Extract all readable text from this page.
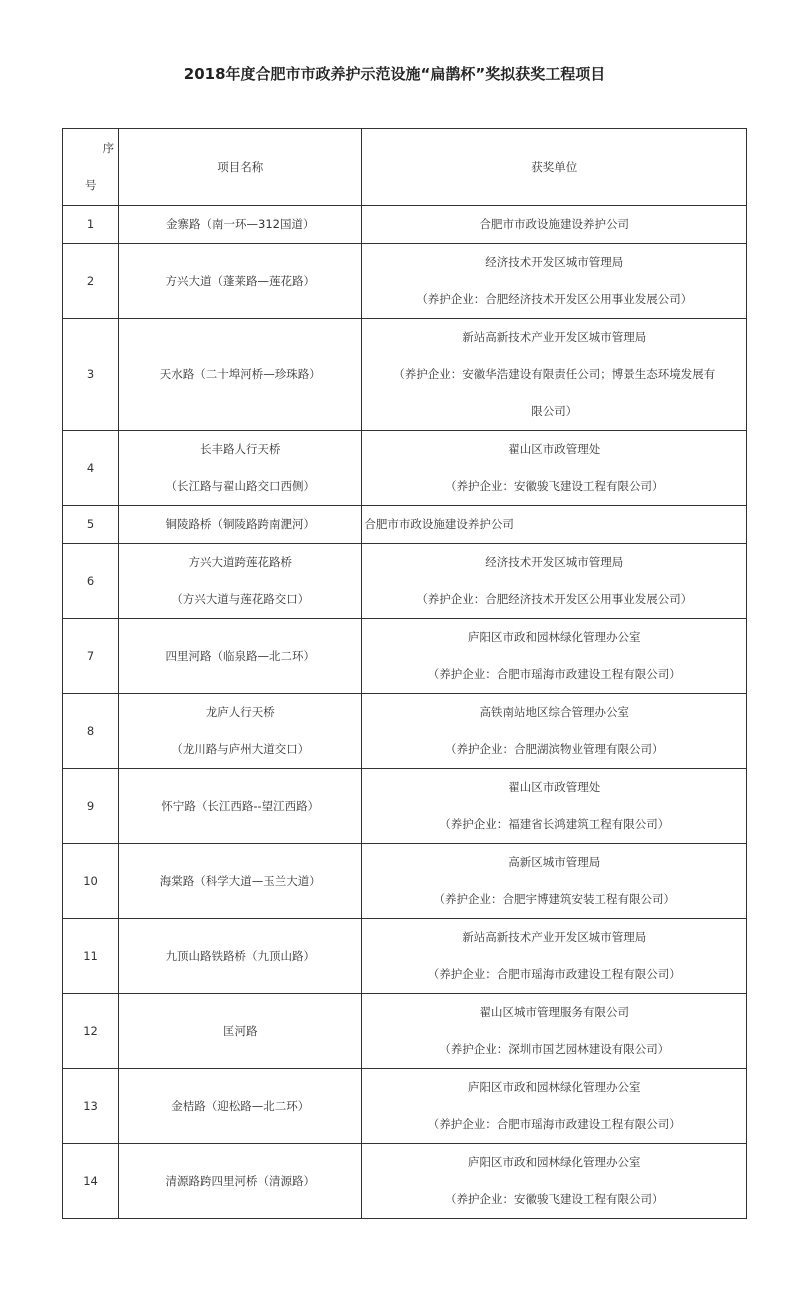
2018年度合肥市市政养护示范设施“扁鹊杯”奖拟获奖工程项目
序
号	项目名称	获奖单位
1	金寨路（南一环—312国道）	合肥市市政设施建设养护公司

2	方兴大道（蓬莱路—莲花路）	经济技术开发区城市管理局
（养护企业：合肥经济技术开发区公用事业发展公司）

3	天水路（二十埠河桥—珍珠路）	新站高新技术产业开发区城市管理局
（养护企业：安徽华浩建设有限责任公司；博景生态环境发展有
限公司）

4	长丰路人行天桥
（长江路与翟山路交口西侧）	翟山区市政管理处
（养护企业：安徽骏飞建设工程有限公司）

5	铜陵路桥（铜陵路跨南淝河）	合肥市市政设施建设养护公司

6	方兴大道跨莲花路桥
（方兴大道与莲花路交口）	经济技术开发区城市管理局
（养护企业：合肥经济技术开发区公用事业发展公司）

7	四里河路（临泉路—北二环）	庐阳区市政和园林绿化管理办公室
（养护企业：合肥市瑶海市政建设工程有限公司）

8	龙庐人行天桥
（龙川路与庐州大道交口）	高铁南站地区综合管理办公室
（养护企业：合肥湖滨物业管理有限公司）

9	怀宁路（长江西路--望江西路）	翟山区市政管理处
（养护企业：福建省长鸿建筑工程有限公司）

10	海棠路（科学大道—玉兰大道）	高新区城市管理局
（养护企业：合肥宇博建筑安装工程有限公司）

11	九顶山路铁路桥（九顶山路）	新站高新技术产业开发区城市管理局
（养护企业：合肥市瑶海市政建设工程有限公司）

12	匡河路	翟山区城市管理服务有限公司
（养护企业：深圳市国艺园林建设有限公司）

13	金桔路（迎松路—北二环）	庐阳区市政和园林绿化管理办公室
（养护企业：合肥市瑶海市政建设工程有限公司）

14	清源路跨四里河桥（清源路）	庐阳区市政和园林绿化管理办公室
（养护企业：安徽骏飞建设工程有限公司）
